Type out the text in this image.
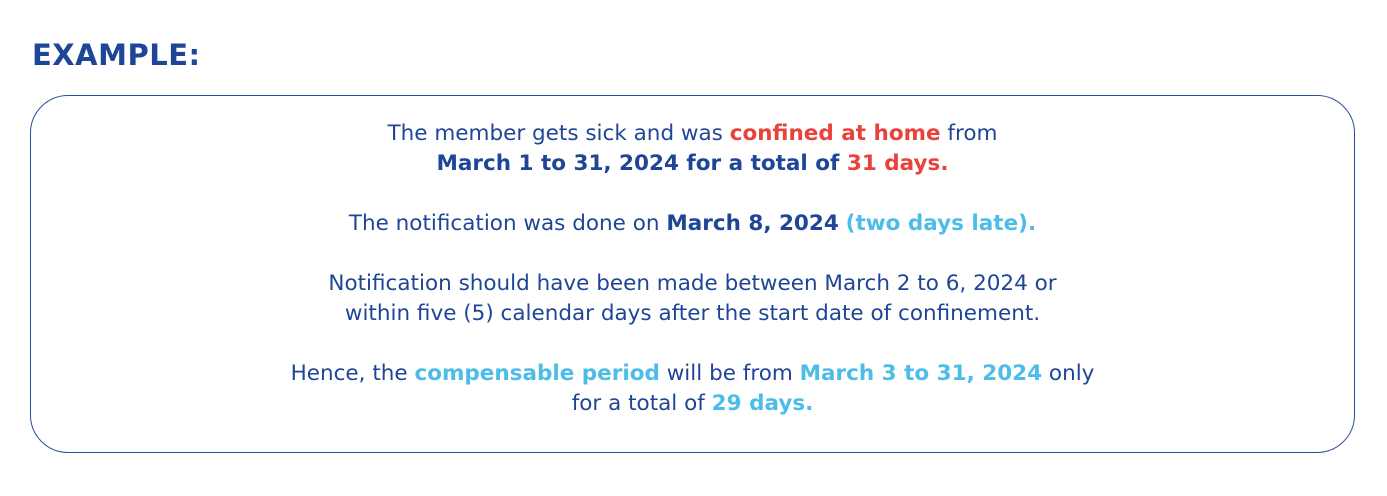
EXAMPLE:

The member gets sick and was confined at home from
March 1 to 31, 2024 for a total of 31 days.

The notification was done on March 8, 2024 (two days late).

Notification should have been made between March 2 to 6, 2024 or
within five (5) calendar days after the start date of confinement.

Hence, the compensable period will be from March 3 to 31, 2024 only
for a total of 29 days.
